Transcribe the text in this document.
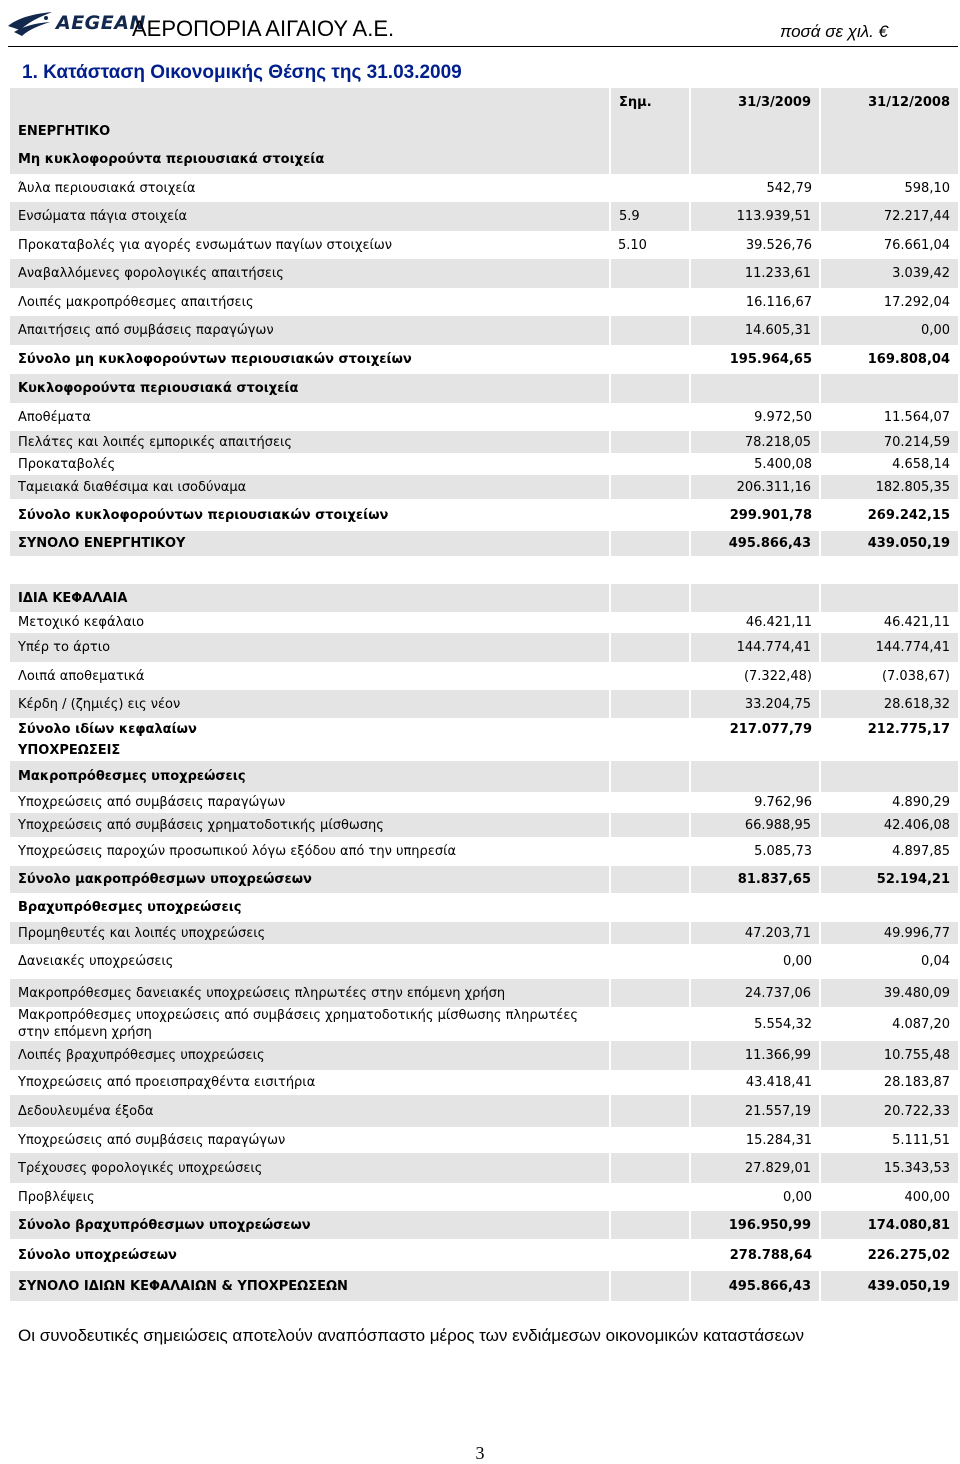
AEGEAN
ΑΕΡΟΠΟΡΙΑ ΑΙΓΑΙΟΥ Α.Ε.	ποσά σε χιλ. €
1. Κατάσταση Οικονομικής Θέσης της 31.03.2009
	Σημ.	31/3/2009	31/12/2008
ΕΝΕΡΓΗΤΙΚΟ			
Μη κυκλοφορούντα περιουσιακά στοιχεία			
Άυλα περιουσιακά στοιχεία		542,79	598,10
Ενσώματα πάγια στοιχεία	5.9	113.939,51	72.217,44
Προκαταβολές για αγορές ενσωμάτων παγίων στοιχείων	5.10	39.526,76	76.661,04
Αναβαλλόμενες φορολογικές απαιτήσεις		11.233,61	3.039,42
Λοιπές μακροπρόθεσμες απαιτήσεις		16.116,67	17.292,04
Απαιτήσεις από συμβάσεις παραγώγων		14.605,31	0,00
Σύνολο μη κυκλοφορούντων περιουσιακών στοιχείων		195.964,65	169.808,04
Κυκλοφορούντα περιουσιακά στοιχεία			
Αποθέματα		9.972,50	11.564,07
Πελάτες και λοιπές εμπορικές απαιτήσεις		78.218,05	70.214,59
Προκαταβολές		5.400,08	4.658,14
Ταμειακά διαθέσιμα και ισοδύναμα		206.311,16	182.805,35
Σύνολο κυκλοφορούντων περιουσιακών στοιχείων		299.901,78	269.242,15
ΣΥΝΟΛΟ ΕΝΕΡΓΗΤΙΚΟΥ		495.866,43	439.050,19

ΙΔΙΑ ΚΕΦΑΛΑΙΑ			
Μετοχικό κεφάλαιο		46.421,11	46.421,11
Υπέρ το άρτιο		144.774,41	144.774,41
Λοιπά αποθεματικά		(7.322,48)	(7.038,67)
Κέρδη / (ζημιές) εις νέον		33.204,75	28.618,32
Σύνολο ιδίων κεφαλαίων		217.077,79	212.775,17
ΥΠΟΧΡΕΩΣΕΙΣ			
Μακροπρόθεσμες υποχρεώσεις			
Υποχρεώσεις από συμβάσεις παραγώγων		9.762,96	4.890,29
Υποχρεώσεις από συμβάσεις χρηματοδοτικής μίσθωσης		66.988,95	42.406,08
Υποχρεώσεις παροχών προσωπικού λόγω εξόδου από την υπηρεσία		5.085,73	4.897,85
Σύνολο μακροπρόθεσμων υποχρεώσεων		81.837,65	52.194,21
Βραχυπρόθεσμες υποχρεώσεις			
Προμηθευτές και λοιπές υποχρεώσεις		47.203,71	49.996,77
Δανειακές υποχρεώσεις		0,00	0,04
Μακροπρόθεσμες δανειακές υποχρεώσεις πληρωτέες στην επόμενη χρήση		24.737,06	39.480,09
Μακροπρόθεσμες υποχρεώσεις από συμβάσεις χρηματοδοτικής μίσθωσης πληρωτέες στην επόμενη χρήση		5.554,32	4.087,20
Λοιπές βραχυπρόθεσμες υποχρεώσεις		11.366,99	10.755,48
Υποχρεώσεις από προεισπραχθέντα εισιτήρια		43.418,41	28.183,87
Δεδουλευμένα έξοδα		21.557,19	20.722,33
Υποχρεώσεις από συμβάσεις παραγώγων		15.284,31	5.111,51
Τρέχουσες φορολογικές υποχρεώσεις		27.829,01	15.343,53
Προβλέψεις		0,00	400,00
Σύνολο βραχυπρόθεσμων υποχρεώσεων		196.950,99	174.080,81
Σύνολο υποχρεώσεων		278.788,64	226.275,02
ΣΥΝΟΛΟ ΙΔΙΩΝ ΚΕΦΑΛΑΙΩΝ & ΥΠΟΧΡΕΩΣΕΩΝ		495.866,43	439.050,19
Οι συνοδευτικές σημειώσεις αποτελούν αναπόσπαστο μέρος των ενδιάμεσων οικονομικών καταστάσεων
3
